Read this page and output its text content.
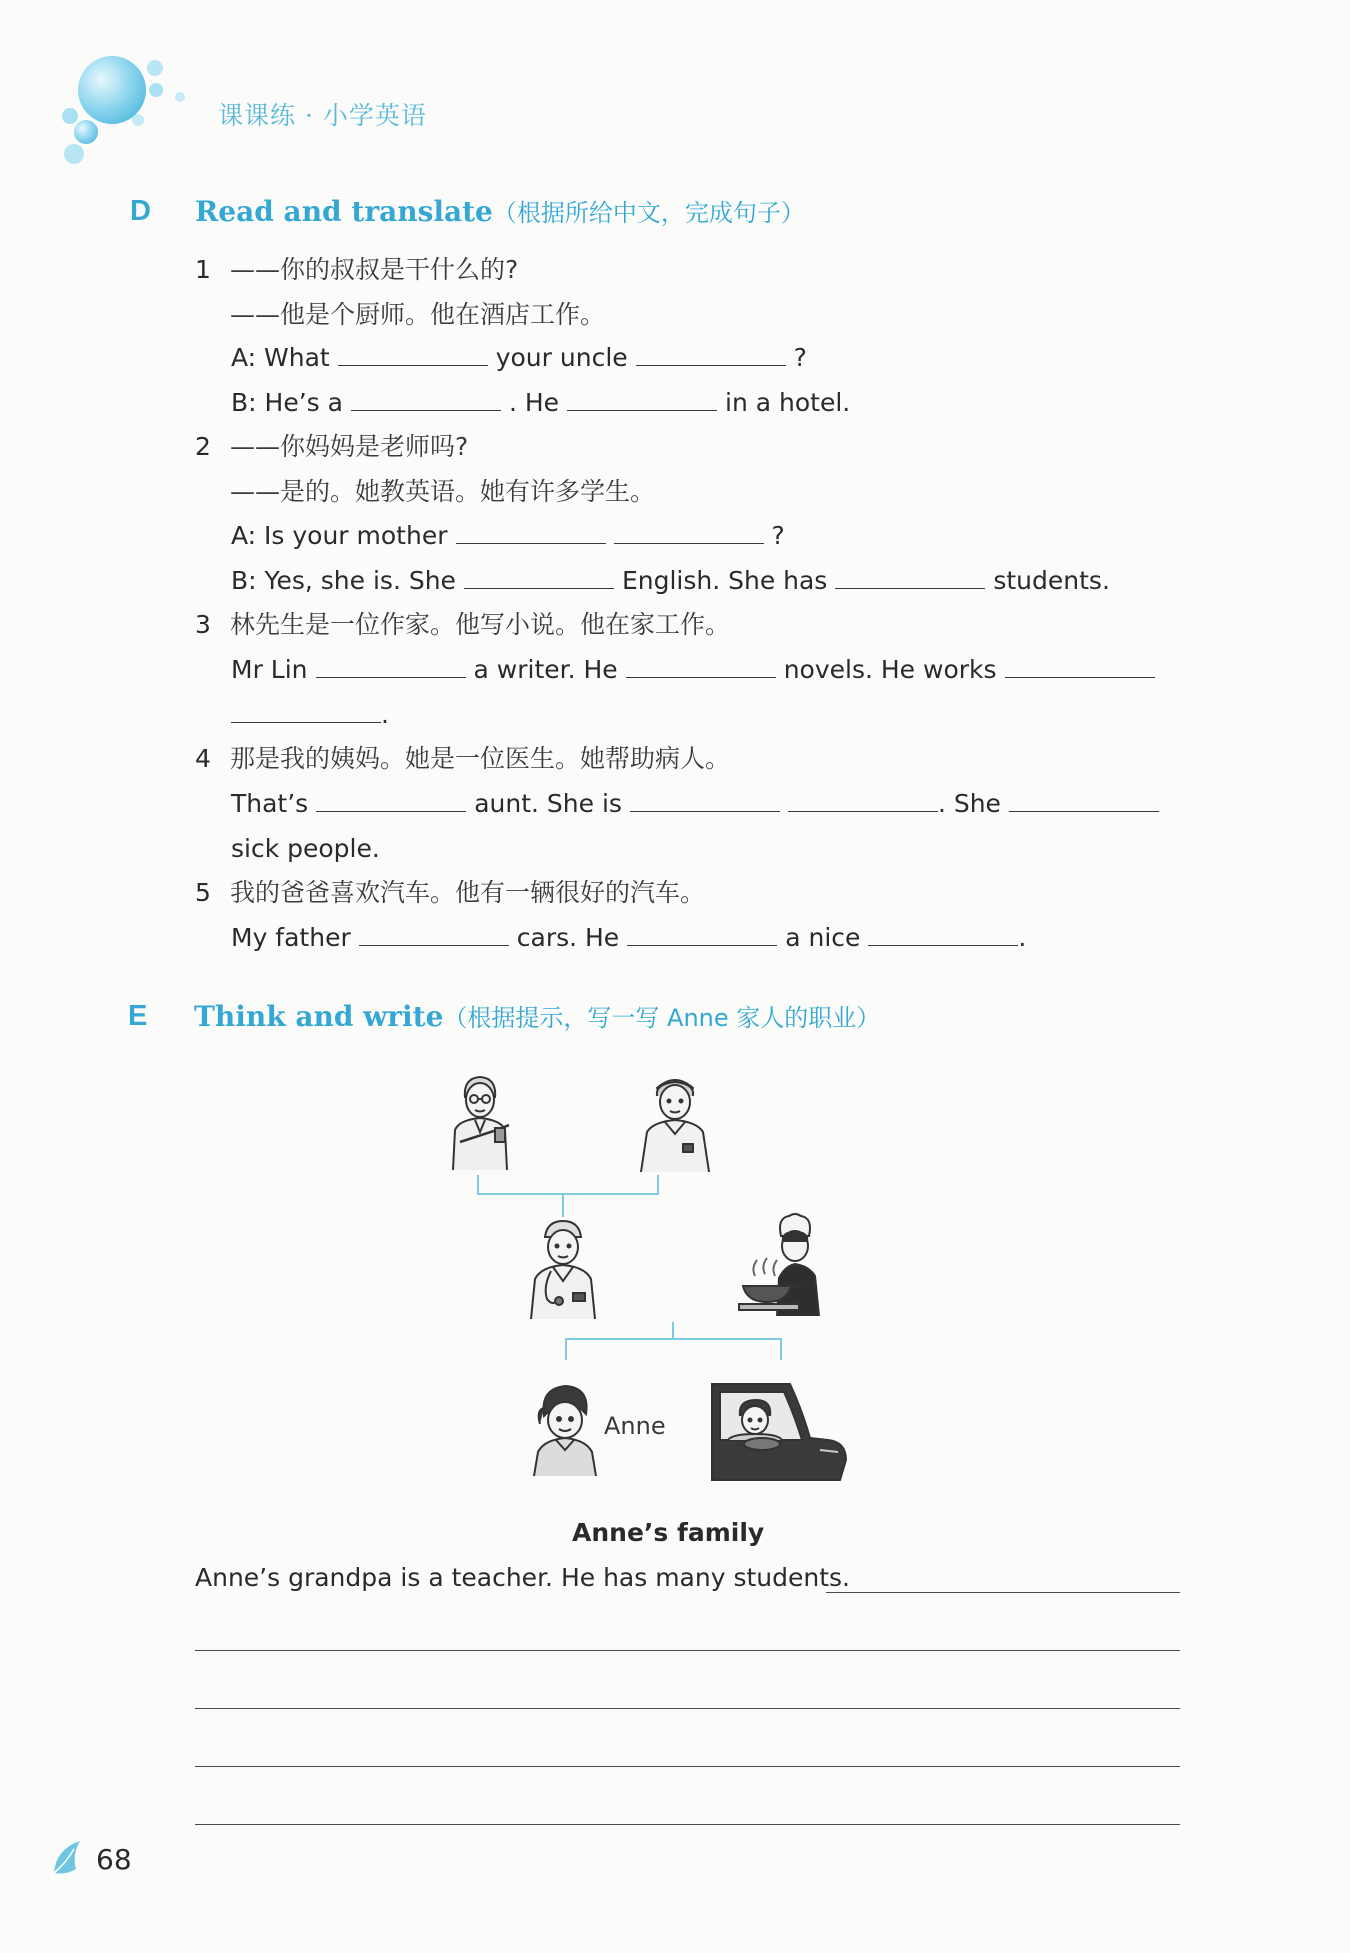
课课练 · 小学英语
D Read and translate（根据所给中文，完成句子）
1 ——你的叔叔是干什么的?
——他是个厨师。他在酒店工作。
A: What	your uncle	?
B: He’s a	. He	in a hotel.
2 ——你妈妈是老师吗?
——是的。她教英语。她有许多学生。
A: Is your mother	?
B: Yes, she is. She	English. She has	students.
3 林先生是一位作家。他写小说。他在家工作。
Mr Lin	a writer. He	novels. He works
.
4 那是我的姨妈。她是一位医生。她帮助病人。
That’s	aunt. She is	. She
sick people.
5 我的爸爸喜欢汽车。他有一辆很好的汽车。
My father	cars. He	a nice	.
E Think and write（根据提示，写一写 Anne 家人的职业）
Anne
Anne’s family
Anne’s grandpa is a teacher. He has many students.
68
